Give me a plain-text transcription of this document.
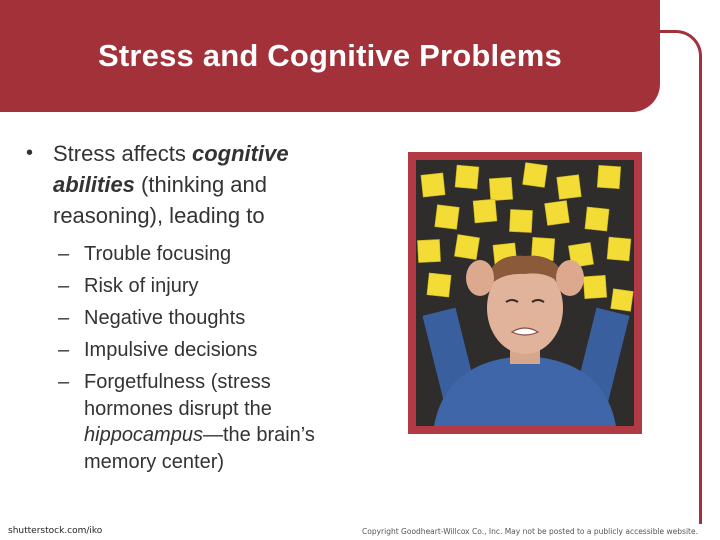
Stress and Cognitive Problems
• Stress affects cognitive abilities (thinking and reasoning), leading to
– Trouble focusing
– Risk of injury
– Negative thoughts
– Impulsive decisions
– Forgetfulness (stress hormones disrupt the hippocampus—the brain’s memory center)
shutterstock.com/iko	Copyright Goodheart-Willcox Co., Inc. May not be posted to a publicly accessible website.
